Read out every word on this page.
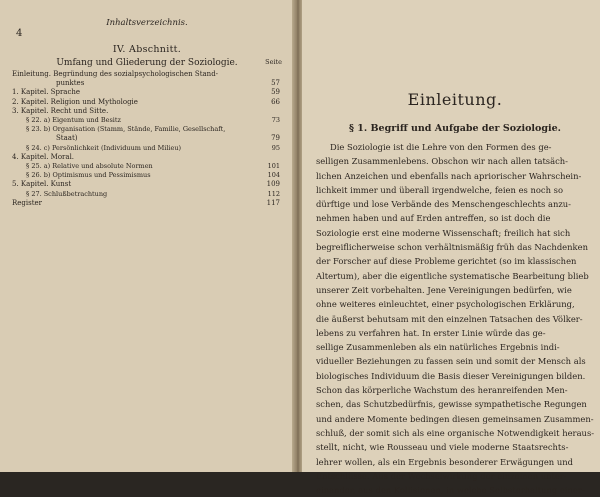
4
Inhaltsverzeichnis.
IV. Abschnitt.
Umfang und Gliederung der Soziologie.	Seite
Einleitung. Begründung des sozialpsychologischen Stand-
punktes	57
1. Kapitel. Sprache	59
2. Kapitel. Religion und Mythologie	66
3. Kapitel. Recht und Sitte.
§ 22. a) Eigentum und Besitz	73
§ 23. b) Organisation (Stamm, Stände, Familie, Gesellschaft,
Staat)	79
§ 24. c) Persönlichkeit (Individuum und Milieu)	95
4. Kapitel. Moral.
§ 25. a) Relative und absolute Normen	101
§ 26. b) Optimismus und Pessimismus	104
5. Kapitel. Kunst	109
§ 27. Schlußbetrachtung	112
Register	117
Einleitung.
§ 1. Begriff und Aufgabe der Soziologie.
Die Soziologie ist die Lehre von den Formen des ge-
selligen Zusammenlebens. Obschon wir nach allen tatsäch-
lichen Anzeichen und ebenfalls nach apriorischer Wahrschein-
lichkeit immer und überall irgendwelche, feien es noch so
dürftige und lose Verbände des Menschengeschlechts anzu-
nehmen haben und auf Erden antreffen, so ist doch die
Soziologie erst eine moderne Wissenschaft; freilich hat sich
begreiflicherweise schon verhältnismäßig früh das Nachdenken
der Forscher auf diese Probleme gerichtet (so im klassischen
Altertum), aber die eigentliche systematische Bearbeitung blieb
unserer Zeit vorbehalten. Jene Vereinigungen bedürfen, wie
ohne weiteres einleuchtet, einer psychologischen Erklärung,
die äußerst behutsam mit den einzelnen Tatsachen des Völker-
lebens zu verfahren hat. In erster Linie würde das ge-
sellige Zusammenleben als ein natürliches Ergebnis indi-
vidueller Beziehungen zu fassen sein und somit der Mensch als
biologisches Individuum die Basis dieser Vereinigungen bilden.
Schon das körperliche Wachstum des heranreifenden Men-
schen, das Schutzbedürfnis, gewisse sympathetische Regungen
und andere Momente bedingen diesen gemeinsamen Zusammen-
schluß, der somit sich als eine organische Notwendigkeit heraus-
stellt, nicht, wie Rousseau und viele moderne Staatsrechts-
lehrer wollen, als ein Ergebnis besonderer Erwägungen und
Entschlüsse. Aus der Wechselwirkung der einzelnen unter-
einander, aus den Kollisionen, in welche Selbsterhaltung einer-
